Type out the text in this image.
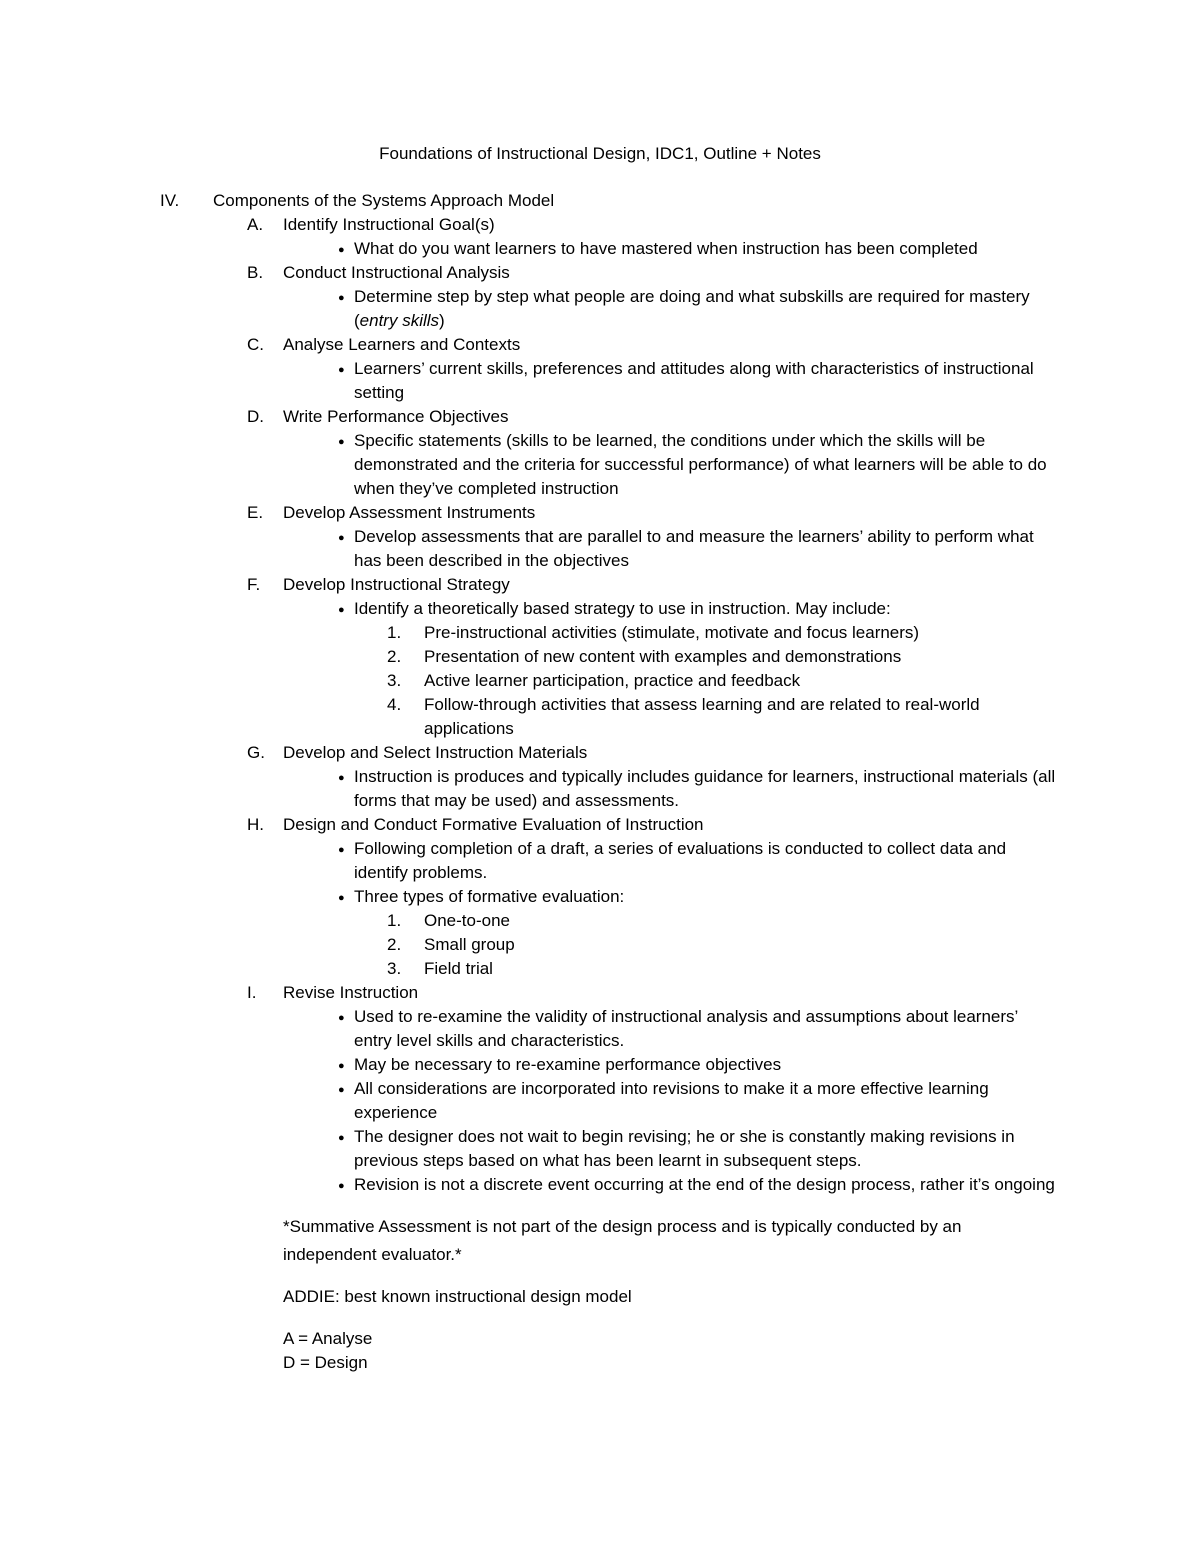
Foundations of Instructional Design, IDC1, Outline + Notes
IV. Components of the Systems Approach Model
A. Identify Instructional Goal(s)
● What do you want learners to have mastered when instruction has been completed
B. Conduct Instructional Analysis
● Determine step by step what people are doing and what subskills are required for mastery (entry skills)
C. Analyse Learners and Contexts
● Learners’ current skills, preferences and attitudes along with characteristics of instructional setting
D. Write Performance Objectives
● Specific statements (skills to be learned, the conditions under which the skills will be demonstrated and the criteria for successful performance) of what learners will be able to do when they’ve completed instruction
E. Develop Assessment Instruments
● Develop assessments that are parallel to and measure the learners’ ability to perform what has been described in the objectives
F. Develop Instructional Strategy
● Identify a theoretically based strategy to use in instruction. May include:
1. Pre-instructional activities (stimulate, motivate and focus learners)
2. Presentation of new content with examples and demonstrations
3. Active learner participation, practice and feedback
4. Follow-through activities that assess learning and are related to real-world applications
G. Develop and Select Instruction Materials
● Instruction is produces and typically includes guidance for learners, instructional materials (all forms that may be used) and assessments.
H. Design and Conduct Formative Evaluation of Instruction
● Following completion of a draft, a series of evaluations is conducted to collect data and identify problems.
● Three types of formative evaluation:
1. One-to-one
2. Small group
3. Field trial
I. Revise Instruction
● Used to re-examine the validity of instructional analysis and assumptions about learners’ entry level skills and characteristics.
● May be necessary to re-examine performance objectives
● All considerations are incorporated into revisions to make it a more effective learning experience
● The designer does not wait to begin revising; he or she is constantly making revisions in previous steps based on what has been learnt in subsequent steps.
● Revision is not a discrete event occurring at the end of the design process, rather it’s ongoing
*Summative Assessment is not part of the design process and is typically conducted by an independent evaluator.*
ADDIE: best known instructional design model
A = Analyse
D = Design
